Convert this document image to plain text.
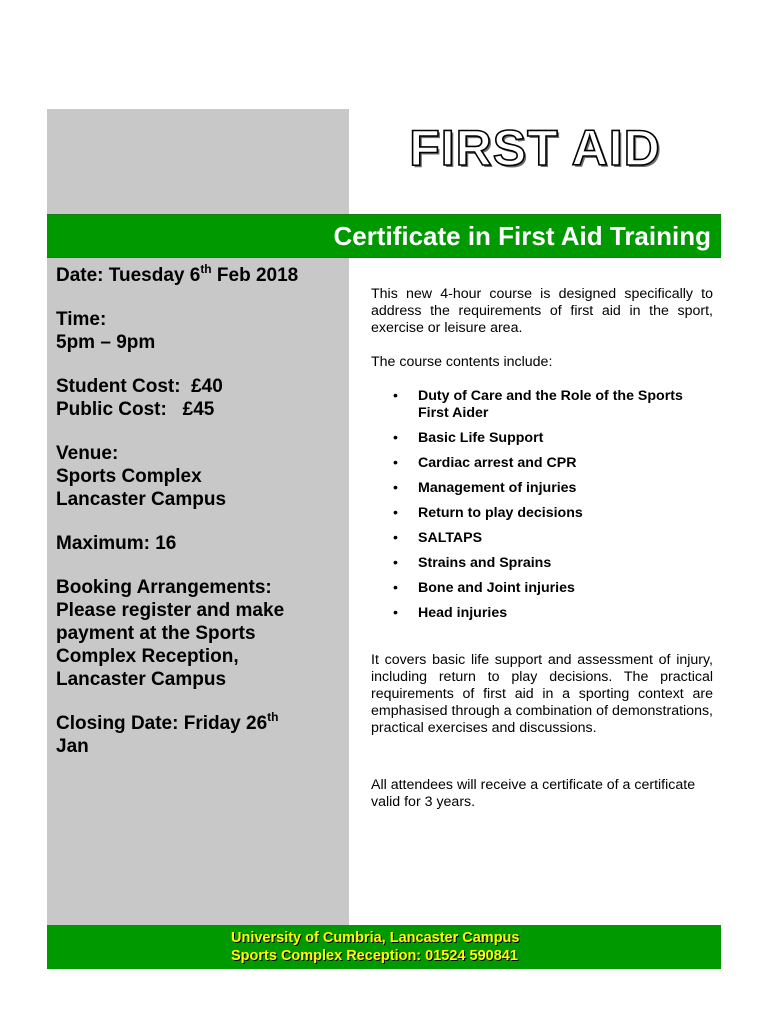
FIRST AID
Certificate in First Aid Training
Date: Tuesday 6th Feb 2018
Time:
5pm – 9pm
Student Cost:  £40
Public Cost:   £45
Venue:
Sports Complex
Lancaster Campus
Maximum: 16
Booking Arrangements:
Please register and make
payment at the Sports
Complex Reception,
Lancaster Campus
Closing Date: Friday 26th
Jan

This new 4-hour course is designed specifically to address the requirements of first aid in the sport, exercise or leisure area.

The course contents include:

• Duty of Care and the Role of the Sports First Aider
• Basic Life Support
• Cardiac arrest and CPR
• Management of injuries
• Return to play decisions
• SALTAPS
• Strains and Sprains
• Bone and Joint injuries
• Head injuries

It covers basic life support and assessment of injury, including return to play decisions. The practical requirements of first aid in a sporting context are emphasised through a combination of demonstrations, practical exercises and discussions.

All attendees will receive a certificate of a certificate valid for 3 years.

University of Cumbria, Lancaster Campus
Sports Complex Reception: 01524 590841
